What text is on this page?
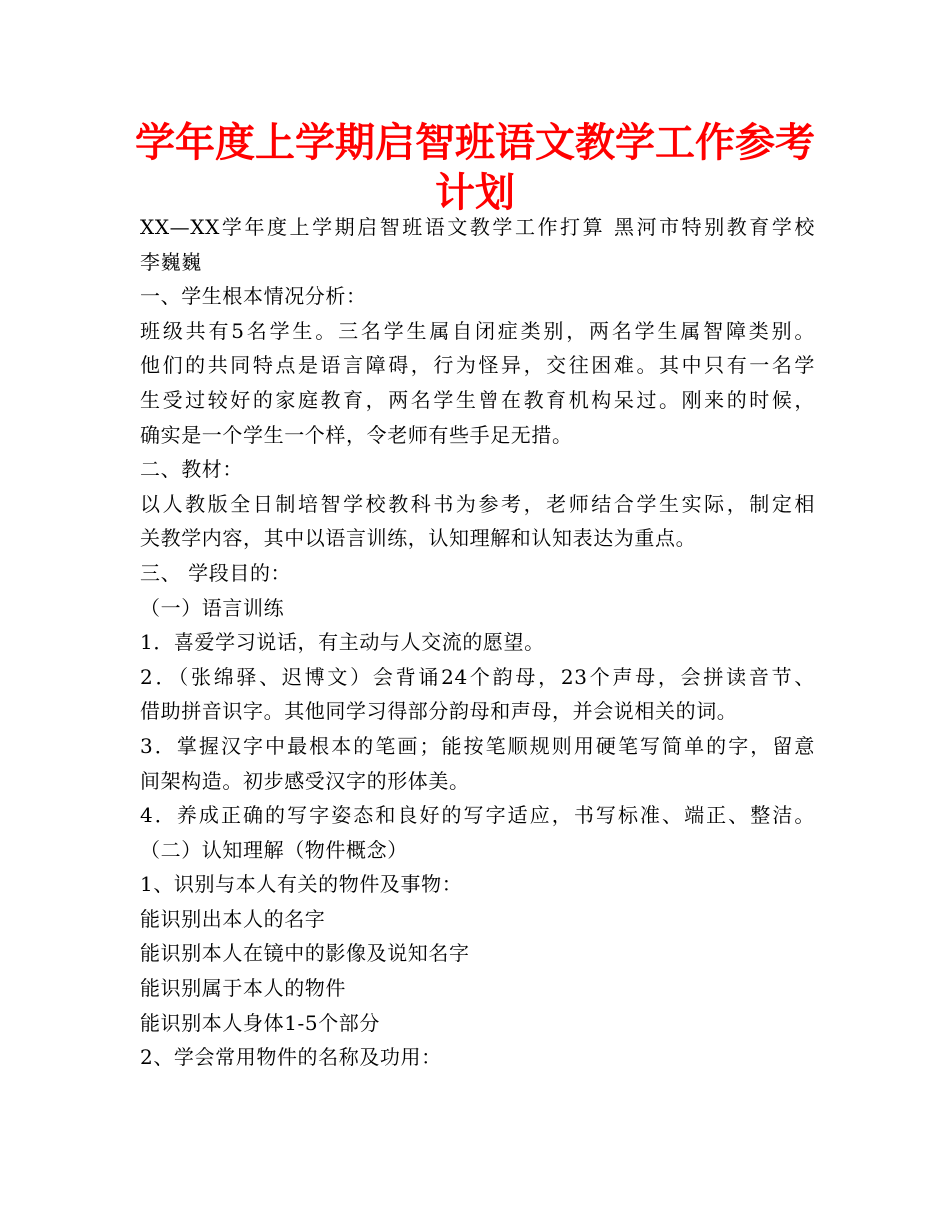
学年度上学期启智班语文教学工作参考计划
XX—XX学年度上学期启智班语文教学工作打算 黑河市特别教育学校
李巍巍
一、学生根本情况分析：
班级共有5名学生。三名学生属自闭症类别，两名学生属智障类别。
他们的共同特点是语言障碍，行为怪异，交往困难。其中只有一名学
生受过较好的家庭教育，两名学生曾在教育机构呆过。刚来的时候，
确实是一个学生一个样，令老师有些手足无措。
二、教材：
以人教版全日制培智学校教科书为参考，老师结合学生实际，制定相
关教学内容，其中以语言训练，认知理解和认知表达为重点。
三、 学段目的：
（一）语言训练
1．喜爱学习说话，有主动与人交流的愿望。
2．（张绵驿、迟博文）会背诵24个韵母，23个声母，会拼读音节、
借助拼音识字。其他同学习得部分韵母和声母，并会说相关的词。
3．掌握汉字中最根本的笔画；能按笔顺规则用硬笔写简单的字，留意
间架构造。初步感受汉字的形体美。
4．养成正确的写字姿态和良好的写字适应，书写标准、端正、整洁。
（二）认知理解（物件概念）
1、识别与本人有关的物件及事物：
能识别出本人的名字
能识别本人在镜中的影像及说知名字
能识别属于本人的物件
能识别本人身体1-5个部分
2、学会常用物件的名称及功用：
